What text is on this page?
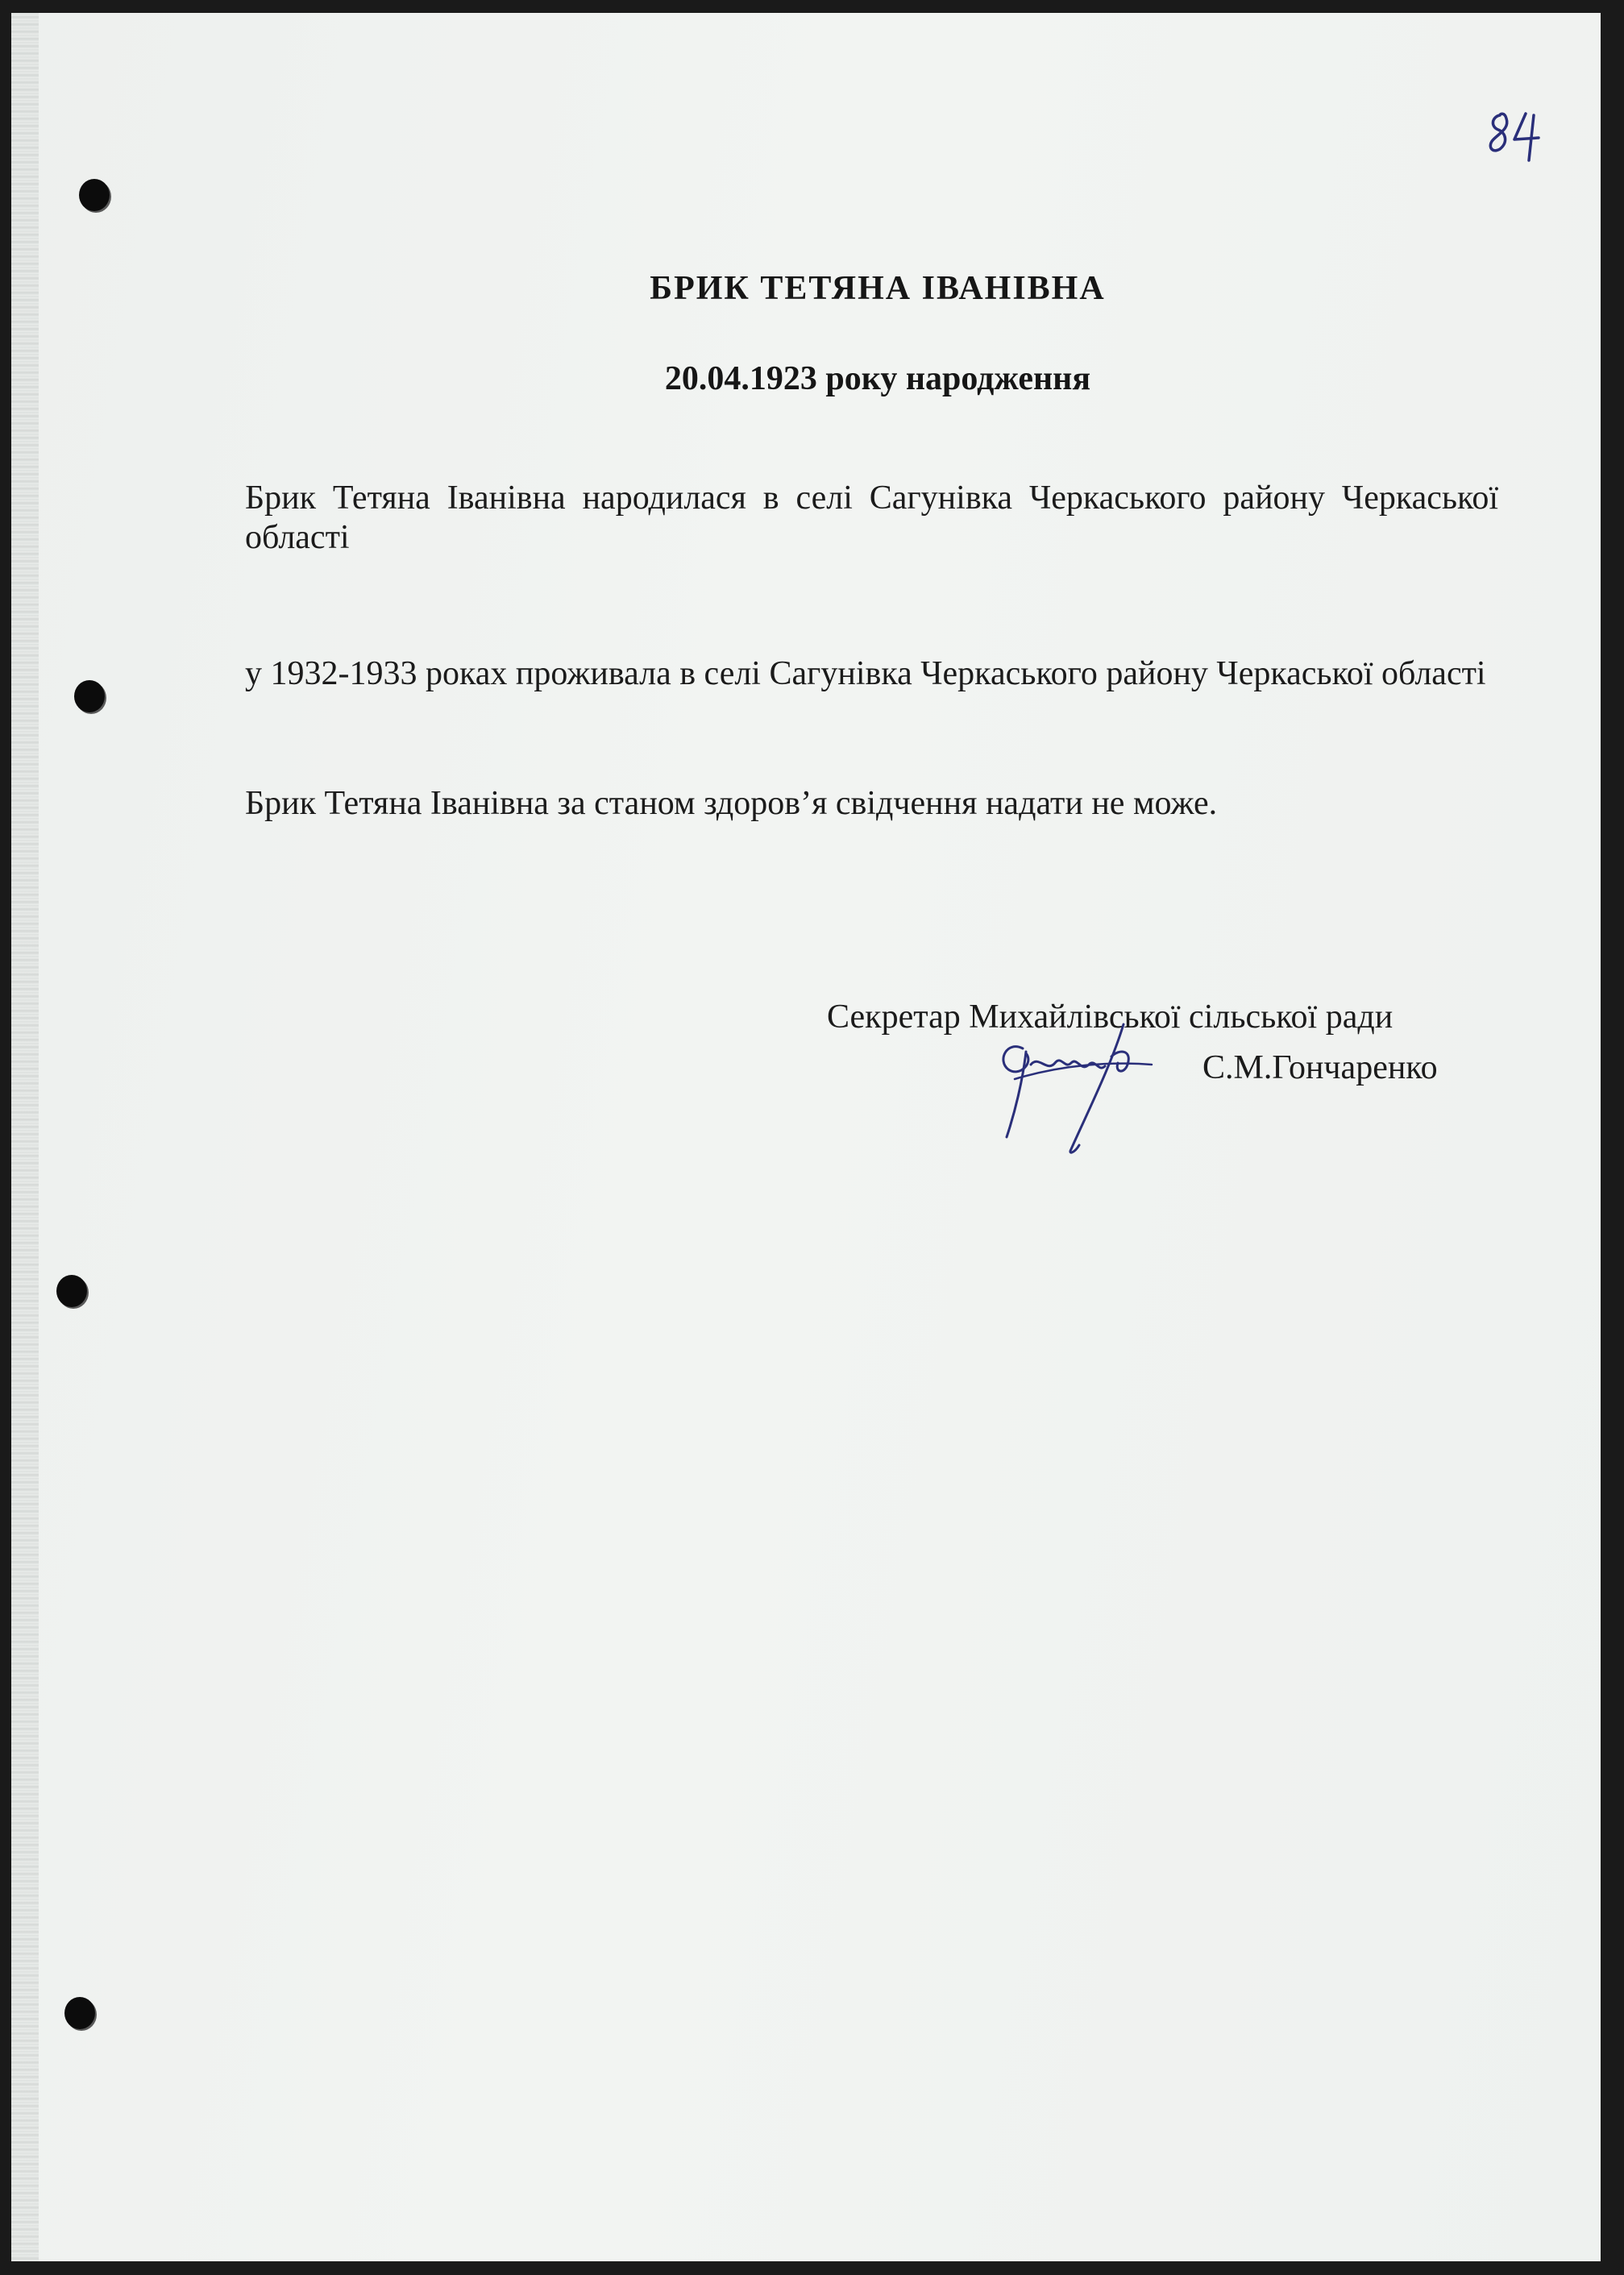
БРИК ТЕТЯНА ІВАНІВНА
20.04.1923 року народження

Брик Тетяна Іванівна народилася в селі Сагунівка Черкаського району Черкаської області

у 1932-1933 роках проживала в селі Сагунівка Черкаського району Черкаської області

Брик Тетяна Іванівна за станом здоров’я свідчення надати не може.

Секретар Михайлівської сільської ради

С.М.Гончаренко
